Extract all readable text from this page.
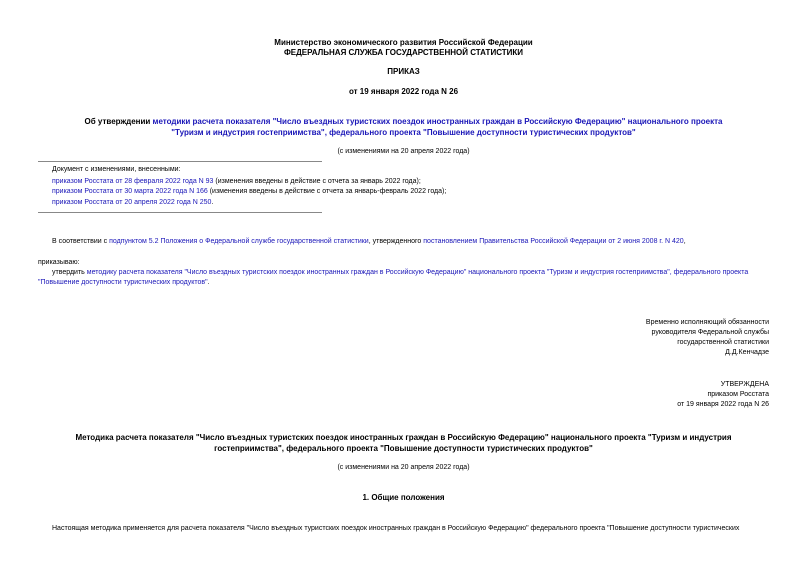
Министерство экономического развития Российской Федерации
ФЕДЕРАЛЬНАЯ СЛУЖБА ГОСУДАРСТВЕННОЙ СТАТИСТИКИ
ПРИКАЗ
от 19 января 2022 года N 26
Об утверждении методики расчета показателя "Число въездных туристских поездок иностранных граждан в Российскую Федерацию" национального проекта
"Туризм и индустрия гостеприимства", федерального проекта "Повышение доступности туристических продуктов"
(с изменениями на 20 апреля 2022 года)
Документ с изменениями, внесенными:
приказом Росстата от 28 февраля 2022 года N 93 (изменения введены в действие с отчета за январь 2022 года);
приказом Росстата от 30 марта 2022 года N 166 (изменения введены в действие с отчета за январь-февраль 2022 года);
приказом Росстата от 20 апреля 2022 года N 250.
В соответствии с подпунктом 5.2 Положения о Федеральной службе государственной статистики, утвержденного постановлением Правительства Российской Федерации от 2 июня 2008 г. N 420,
приказываю:
утвердить методику расчета показателя "Число въездных туристских поездок иностранных граждан в Российскую Федерацию" национального проекта "Туризм и индустрия гостеприимства", федерального проекта
"Повышение доступности туристических продуктов".
Временно исполняющий обязанности
руководителя Федеральной службы
государственной статистики
Д.Д.Кенчадзе
УТВЕРЖДЕНА
приказом Росстата
от 19 января 2022 года N 26
Методика расчета показателя "Число въездных туристских поездок иностранных граждан в Российскую Федерацию" национального проекта "Туризм и индустрия
гостеприимства", федерального проекта "Повышение доступности туристических продуктов"
(с изменениями на 20 апреля 2022 года)
1. Общие положения
Настоящая методика применяется для расчета показателя "Число въездных туристских поездок иностранных граждан в Российскую Федерацию" федерального проекта "Повышение доступности туристических
